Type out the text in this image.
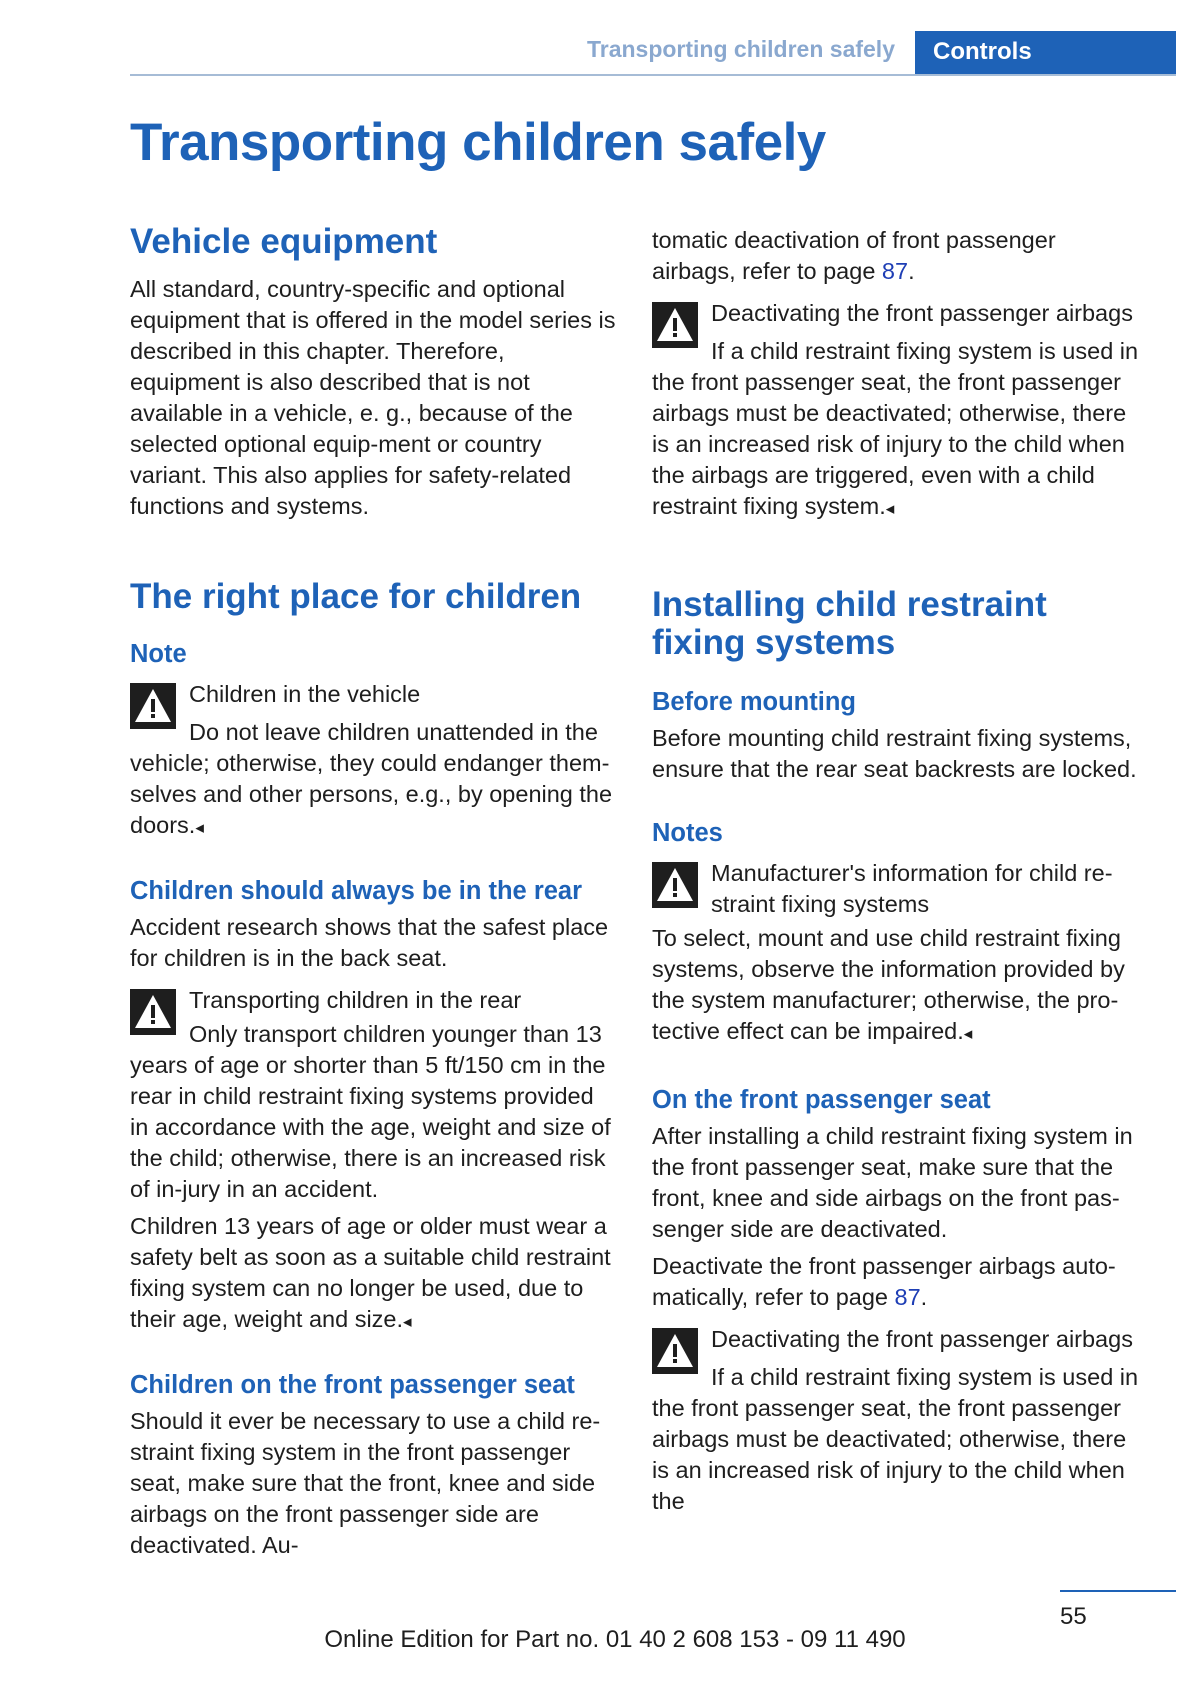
Transporting children safely	Controls
Transporting children safely
Vehicle equipment

All standard, country-specific and optional equipment that is offered in the model series is described in this chapter. Therefore, equipment is also described that is not available in a vehicle, e. g., because of the selected optional equip-ment or country variant. This also applies for safety-related functions and systems.

The right place for children
Note
Children in the vehicle

Do not leave children unattended in the vehicle; otherwise, they could endanger them-selves and other persons, e.g., by opening the doors.◂

Children should always be in the rear

Accident research shows that the safest place for children is in the back seat.

Transporting children in the rear

Only transport children younger than 13 years of age or shorter than 5 ft/150 cm in the rear in child restraint fixing systems provided in accordance with the age, weight and size of the child; otherwise, there is an increased risk of in-jury in an accident.

Children 13 years of age or older must wear a safety belt as soon as a suitable child restraint fixing system can no longer be used, due to their age, weight and size.◂

Children on the front passenger seat

Should it ever be necessary to use a child re-straint fixing system in the front passenger seat, make sure that the front, knee and side airbags on the front passenger side are deactivated. Au-

tomatic deactivation of front passenger airbags, refer to page 87.

Deactivating the front passenger airbags

If a child restraint fixing system is used in the front passenger seat, the front passenger airbags must be deactivated; otherwise, there is an increased risk of injury to the child when the airbags are triggered, even with a child restraint fixing system.◂

Installing child restraint fixing systems
Before mounting

Before mounting child restraint fixing systems, ensure that the rear seat backrests are locked.

Notes
Manufacturer's information for child re-straint fixing systems

To select, mount and use child restraint fixing systems, observe the information provided by the system manufacturer; otherwise, the pro-tective effect can be impaired.◂

On the front passenger seat

After installing a child restraint fixing system in the front passenger seat, make sure that the front, knee and side airbags on the front pas-senger side are deactivated.

Deactivate the front passenger airbags auto-matically, refer to page 87.

Deactivating the front passenger airbags

If a child restraint fixing system is used in the front passenger seat, the front passenger airbags must be deactivated; otherwise, there is an increased risk of injury to the child when the

55
Online Edition for Part no. 01 40 2 608 153 - 09 11 490
